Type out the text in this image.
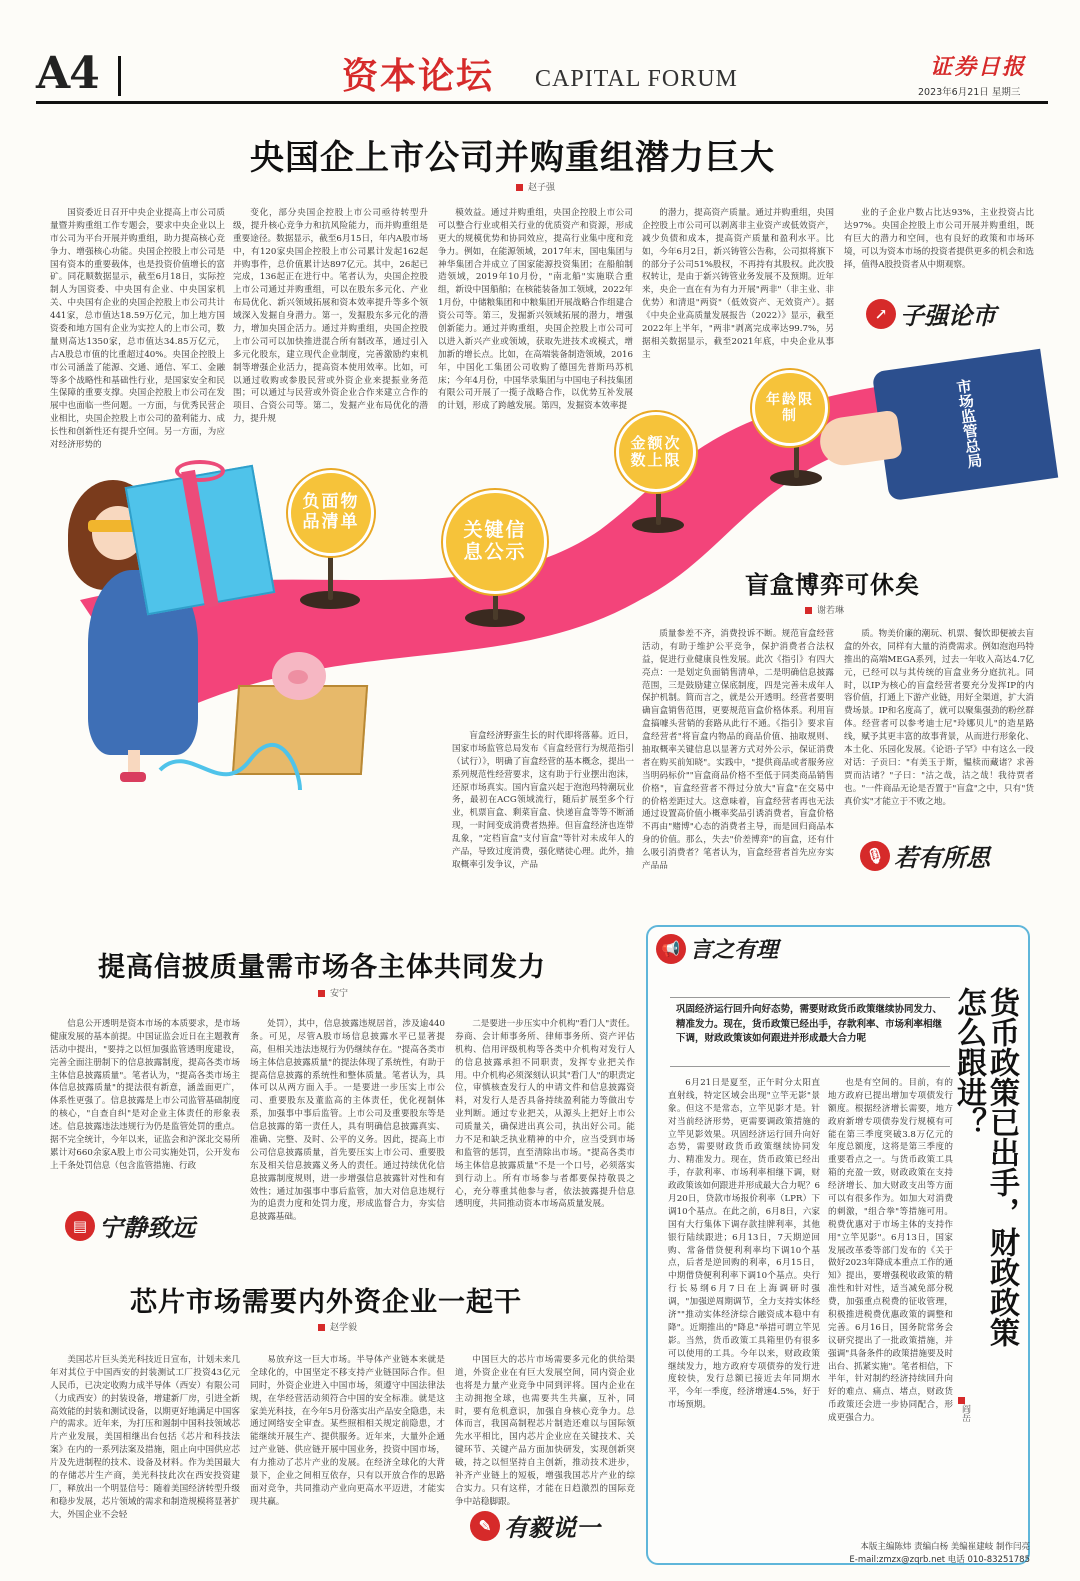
A4	资本论坛 CAPITAL FORUM	证券日报
2023年6月21日 星期三
央国企上市公司并购重组潜力巨大
赵子强

国资委近日召开中央企业提高上市公司质量暨并购重组工作专题会，要求中央企业以上市公司为平台开展并购重组，助力提高核心竞争力、增强核心功能。央国企控股上市公司是国有资本的重要载体，也是投资价值增长的富矿。同花顺数据显示，截至6月18日，实际控制人为国资委、中央国有企业、中央国家机关、中央国有企业的央国企控股上市公司共计441家，总市值达18.59万亿元，加上地方国资委和地方国有企业为实控人的上市公司，数量则高达1350家，总市值达34.85万亿元，占A股总市值的比重超过40%。央国企控股上市公司涵盖了能源、交通、通信、军工、金融等多个战略性和基础性行业，是国家安全和民生保障的重要支撑。央国企控股上市公司在发展中也面临一些问题。一方面，与优秀民营企业相比，央国企控股上市公司的盈利能力、成长性和创新性还有提升空间。另一方面，为应对经济形势的

变化，部分央国企控股上市公司亟待转型升级，提升核心竞争力和抗风险能力，而并购重组是重要途径。数据显示，截至6月15日，年内A股市场中，有120家央国企控股上市公司累计发起162起并购事件，总价值累计达897亿元。其中，26起已完成，136起正在进行中。笔者认为，央国企控股上市公司通过并购重组，可以在股东多元化、产业布局优化、新兴领域拓展和资本效率提升等多个领域深入发掘自身潜力。第一，发掘股东多元化的潜力，增加央国企活力。通过并购重组，央国企控股上市公司可以加快推进混合所有制改革，通过引入多元化股东，建立现代企业制度，完善激励约束机制等增强企业活力，提高资本使用效率。比如，可以通过收购或参股民营或外资企业来提振业务范围；可以通过与民营或外资企业合作来建立合作的项目、合资公司等。第二，发掘产业布局优化的潜力，提升规

模效益。通过并购重组，央国企控股上市公司可以整合行业或相关行业的优质资产和资源，形成更大的规模优势和协同效应，提高行业集中度和竞争力。例如，在能源领域，2017年末，国电集团与神华集团合并成立了国家能源投资集团；在船舶制造领域，2019年10月份，"南北船"实施联合重组，新设中国船舶；在核能装备加工领域，2022年1月份，中储粮集团和中粮集团开展战略合作组建合资公司等。第三，发掘新兴领域拓展的潜力，增强创新能力。通过并购重组，央国企控股上市公司可以进入新兴产业或领域，获取先进技术或模式，增加新的增长点。比如，在高端装备制造领域，2016年，中国化工集团公司收购了德国先普斯玛苏机床；今年4月份，中国华录集团与中国电子科技集团有限公司开展了一揽子战略合作，以优势互补发展的计划，形成了跨越发展。第四，发掘资本效率提

的潜力，提高资产质量。通过并购重组，央国企控股上市公司可以剥离非主业资产或低效资产，减少负债和成本，提高资产质量和盈利水平。比如，今年6月2日，新兴铸管公告称，公司拟将旗下的部分子公司51%股权，不再持有其股权。此次股权转让，是由于新兴铸管业务发展不及预期。近年来，央企一直在有为有力开展"两非"（非主业、非优势）和清退"两资"（低效资产、无效资产）。据《中央企业高质量发展报告（2022）》显示，截至2022年上半年，"两非"剥离完成率达99.7%，另据相关数据显示，截至2021年底，中央企业从事主

业的子企业户数占比达93%，主业投资占比达97%。央国企控股上市公司开展并购重组，既有巨大的潜力和空间，也有良好的政策和市场环境，可以为资本市场的投资者提供更多的机会和选择，值得A股投资者从中期观察。

↗ 子强论市
市场监管总局
负面物品清单	关键信息公示
金额次数上限
年龄限制
盲盒博弈可休矣
谢若琳

盲盒经济野蛮生长的时代即将落幕。近日，国家市场监管总局发布《盲盒经营行为规范指引（试行）》，明确了盲盒经营的基本概念，提出一系列规范性经营要求，这有助于行业摆出泡沫，还原市场真实。国内盲盒兴起于泡泡玛特潮玩业务，最初在ACG领域流行，随后扩展至多个行业，机票盲盒、剩菜盲盒、快递盲盒等等不断涌现，一时间变成消费者热捧。但盲盒经济也连带乱象，"定档盲盒"支付盲盒"等针对未成年人的产品，导致过度消费，强化赌徒心理。此外，抽取概率引发争议，产品

质量参差不齐，消费投诉不断。规范盲盒经营活动，有助于维护公平竞争，保护消费者合法权益，促进行业健康良性发展。此次《指引》有四大亮点：一是划定负面销售清单，二是明确信息披露范围，三是鼓励建立保底制度，四是完善未成年人保护机制。简而言之，就是公开透明。经营者要明确盲盒销售范围，更要规范盲盒价格体系。利用盲盒搞噱头营销的套路从此行不通。《指引》要求盲盒经营者"将盲盒内物品的商品价值、抽取规则、抽取概率关键信息以显著方式对外公示，保证消费者在购买前知晓"。实践中，"提供商品或者服务应当明码标价""盲盒商品价格不至低于同类商品销售价格"，盲盒经营者不得过分放大"盲盒"在交易中的价格差距过大。这意味着，盲盒经营者再也无法通过设置高价值小概率奖品引诱消费者，盲盒价格不再由"赌博"心态的消费者主导，而是回归商品本身的价值。那么，失去"价差博弈"的盲盒，还有什么吸引消费者？笔者认为，盲盒经营者首先应夯实产品品

质。物美价廉的潮玩、机票、餐饮即便被去盲盒的外衣，同样有大量的消费需求。例如泡泡玛特推出的高端MEGA系列，过去一年收入高达4.7亿元，已经可以与其传统的盲盒业务分庭抗礼。同时，以IP为核心的盲盒经营者要充分发挥IP的内容价值，打通上下游产业链，用好全渠道，扩大消费场景。IP和名度高了，就可以聚集强劲的粉丝群体。经营者可以参考迪士尼"玲娜贝儿"的造星路线，赋予其更丰富的故事背景，从而进行形象化、本土化、乐园化发展。《论语·子罕》中有这么一段对话：子贡曰："有美玉于斯，韫椟而藏诸？求善贾而沽诸？"子曰："沽之哉，沽之哉！我待贾者也。"一件商品无论是否置于"盲盒"之中，只有"货真价实"才能立于不败之地。

🎙 若有所思
提高信披质量需市场各主体共同发力
安宁

信息公开透明是资本市场的本质要求，是市场健康发展的基本前提。中国证监会近日在主题教育活动中提出，"要持之以恒加强监管透明度建设，完善全面注册制下的信息披露制度，提高各类市场主体信息披露质量"。笔者认为，"提高各类市场主体信息披露质量"的提法很有新意，涵盖面更广，体系性更强了。信息披露是上市公司监管基础制度的核心，"自查自纠"是对企业主体责任的形象表述。信息披露违法违规行为仍是监管处罚的重点。据不完全统计，今年以来，证监会和沪深北交易所累计对660余家A股上市公司实施处罚，公开发布上千条处罚信息（包含监管措施、行政

▤ 宁静致远

处罚），其中，信息披露违规居首，涉及逾440条。可见，尽管A股市场信息披露水平已显著提高，但相关违法违规行为仍继续存在。"提高各类市场主体信息披露质量"的提法体现了系统性，有助于提高信息披露的系统性和整体质量。笔者认为，具体可以从两方面入手。一是要进一步压实上市公司、重要股东及董监高的主体责任，优化视制体系，加强事中事后监管。上市公司及重要股东等是信息披露的第一责任人，具有明确信息披露真实、准确、完整、及时、公平的义务。因此，提高上市公司信息披露质量，首先要压实上市公司、重要股东及相关信息披露义务人的责任。通过持续优化信息披露制度规则，进一步增强信息披露针对性和有效性；通过加强事中事后监管，加大对信息违规行为的追责力度和处罚力度，形成监督合力，夯实信息披露基础。

二是要进一步压实中介机构"看门人"责任。券商、会计师事务所、律师事务所、资产评估机构、信用评级机构等各类中介机构对发行人的信息披露承担不同职责，发挥专业把关作用。中介机构必须深刻认识其"看门人"的职责定位，审慎核查发行人的申请文件和信息披露资料，对发行人是否具备持续盈利能力等做出专业判断。通过专业把关，从源头上把好上市公司质量关，确保进出真公司，执出好公司。能力不足和缺乏执业精神的中介，应当受到市场和监管的惩罚，直至清除出市场。"提高各类市场主体信息披露质量"不是一个口号，必须落实到行动上。所有市场参与者都要保持敬畏之心，充分尊重其他参与者，依法披露提升信息透明度，共同推动资本市场高质量发展。

芯片市场需要内外资企业一起干
赵学毅

美国芯片巨头美光科技近日宣布，计划未来几年对其位于中国西安的封装测试工厂投资43亿元人民币，已决定收购力成半导体（西安）有限公司（力成西安）的封装设备，增建新厂房，引进全新高效能的封装和测试设备，以期更好地满足中国客户的需求。近年来，为打压和遏制中国科技领域芯片产业发展，美国相继出台包括《芯片和科技法案》在内的一系列法案及措施，阻止向中国供应芯片及先进制程的技术、设备及材料。作为美国最大的存储芯片生产商，美光科技此次在西安投资建厂，释放出一个明显信号：随着美国经济转型升级和稳步发展，芯片领域的需求和制造规模将显著扩大，外国企业不会轻

易放弃这一巨大市场。半导体产业链本来就是全球化的，中国坚定不移支持产业链国际合作。但同时，外资企业进入中国市场，须遵守中国法律法规，在华经营活动须符合中国的安全标准。就是这家美光科技，在今年5月份落实出产品安全隐患，未通过网络安全审查。某些照相相关规定前隐患，才能继续开展生产、提供服务。近年来，大量外企通过产业链、供应链开展中国业务，投资中国市场，有力推动了芯片产业的发展。在经济全球化的大背景下，企业之间相互依存，只有以开放合作的思路面对竞争，共同推动产业向更高水平迈进，才能实现共赢。

中国巨大的芯片市场需要多元化的供给渠道，外资企业在有巨大发展空间，同内资企业也将是力量产业竞争中同到评将。国内企业在主动拥抱全球，也需要共生共赢，互补，同时，要有危机意识，加强自身核心竞争力。总体而言，我国高制程芯片制造还难以与国际领先水平相比，国内芯片企业应在关键技术、关键环节、关键产品方面加快研发，实现创新突破，持之以恒坚持自主创新，推动技术进步，补齐产业链上的短板，增强我国芯片产业的综合实力。只有这样，才能在日趋激烈的国际竞争中站稳脚跟。

✎ 有毅说一
📢 言之有理
巩固经济运行回升向好态势，需要财政货币政策继续协同发力、精准发力。现在，货币政策已经出手，存款利率、市场利率相继下调，财政政策该如何跟进并形成最大合力呢	货币政策已出手，财政政策怎么跟进？
阎岳

6月21日是夏至，正午时分太阳直直射线，特定区域会出现"立竿无影"景象。但这不是常态，立竿见影才是。针对当前经济形势，更需要调政策措施的立竿见影效果。巩固经济运行回升向好态势，需要财政货币政策继续协同发力、精准发力。现在，货币政策已经出手，存款利率、市场利率相继下调，财政政策该如何跟进并形成最大合力呢？6月20日，贷款市场报价利率（LPR）下调10个基点。在此之前，6月8日，六家国有大行集体下调存款挂牌利率，其他银行陆续跟进；6月13日，7天期逆回购、常备借贷便利利率均下调10个基点，后者是逆回购的利率，6月15日，中期借贷便利利率下调10个基点。央行行长易纲6月7日在上海调研时强调，"加强逆周期调节，全力支持实体经济""推动实体经济综合融资成本稳中有降"。近期推出的"降息"举措可谓立竿见影。当然，货币政策工具箱里仍有很多可以使用的工具。今年以来，财政政策继续发力，地方政府专项债券的发行进度较快，发行总额已接近去年同期水平，今年一季度，经济增速4.5%，好于市场预期。

也是有空间的。目前，有的地方政府已提出增加专项债发行额度。根据经济增长需要，地方政府新增专项债券发行规模有可能在第三季度突破3.8万亿元的年度总额度，这将是第三季度的重要看点之一。与货币政策工具箱的充盈一致，财政政策在支持经济增长、加大财政支出等方面可以有很多作为。如加大对消费的刺激，"组合拳"等措施可用。税费优惠对于市场主体的支持作用"立竿见影"。6月13日，国家发展改革委等部门发布的《关于做好2023年降成本重点工作的通知》提出，要增强税收政策的精准性和针对性，适当减免部分税费，加强重点税费的征收管理，积极推进税费优惠政策的调整和完善。6月16日，国务院常务会议研究提出了一批政策措施，并强调"具备条件的政策措施要及时出台、抓紧实施"。笔者相信，下半年，针对制约经济持续回升向好的难点、痛点、堵点，财政货币政策还会进一步协同配合，形成更强合力。

本版主编陈炜 责编白杨 美编崔建岐 制作闫亮
E-mail:zmzx@zqrb.net 电话 010-83251785
